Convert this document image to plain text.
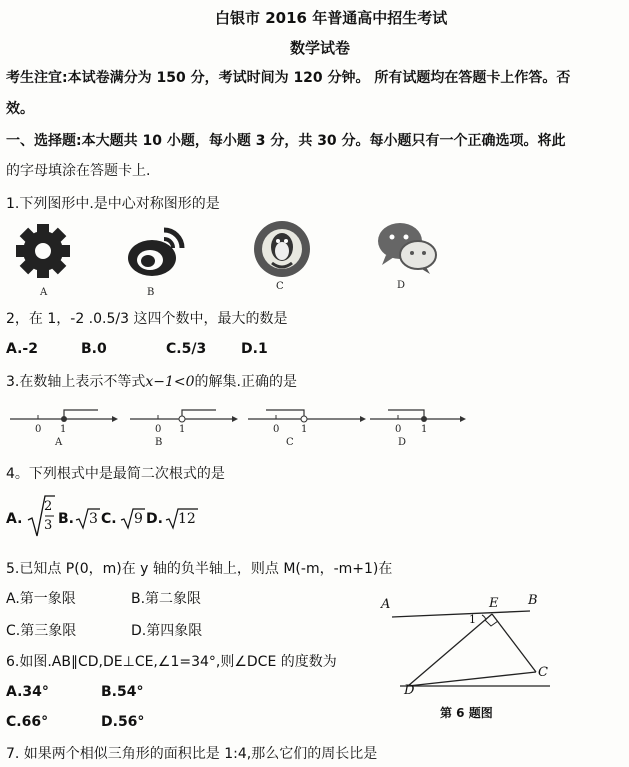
白银市 2016 年普通高中招生考试
数学试卷
考生注宜:本试卷满分为 150 分，考试时间为 120 分钟。 所有试题均在答题卡上作答。否
效。
一、选择题:本大题共 10 小题，每小题 3 分，共 30 分。每小题只有一个正确选项。将此
的字母填涂在答题卡上.
1.下列图形中.是中心对称图形的是
A	B
C	D
2，在 1，-2 .0.5/3 这四个数中，最大的数是
A.-2	B.0	C.5/3 D.1
3.在数轴上表示不等式x−1<0的解集.正确的是
0 1
A
0 1
B
0 1
C
0 1
D
4。下列根式中是最简二次根式的是
A.
2
3 B. 3 C. 9 D. 12
5.已知点 P(0，m)在 y 轴的负半轴上，则点 M(-m，-m+1)在
A.第一象限	B.第二象限
C.第三象限	D.第四象限
6.如图.AB∥CD,DE⊥CE,∠1=34°,则∠DCE 的度数为
A.34°	B.54°
C.66°	D.56°
A	B
E
C
D
1
第 6 题图
7. 如果两个相似三角形的面积比是 1:4,那么它们的周长比是
